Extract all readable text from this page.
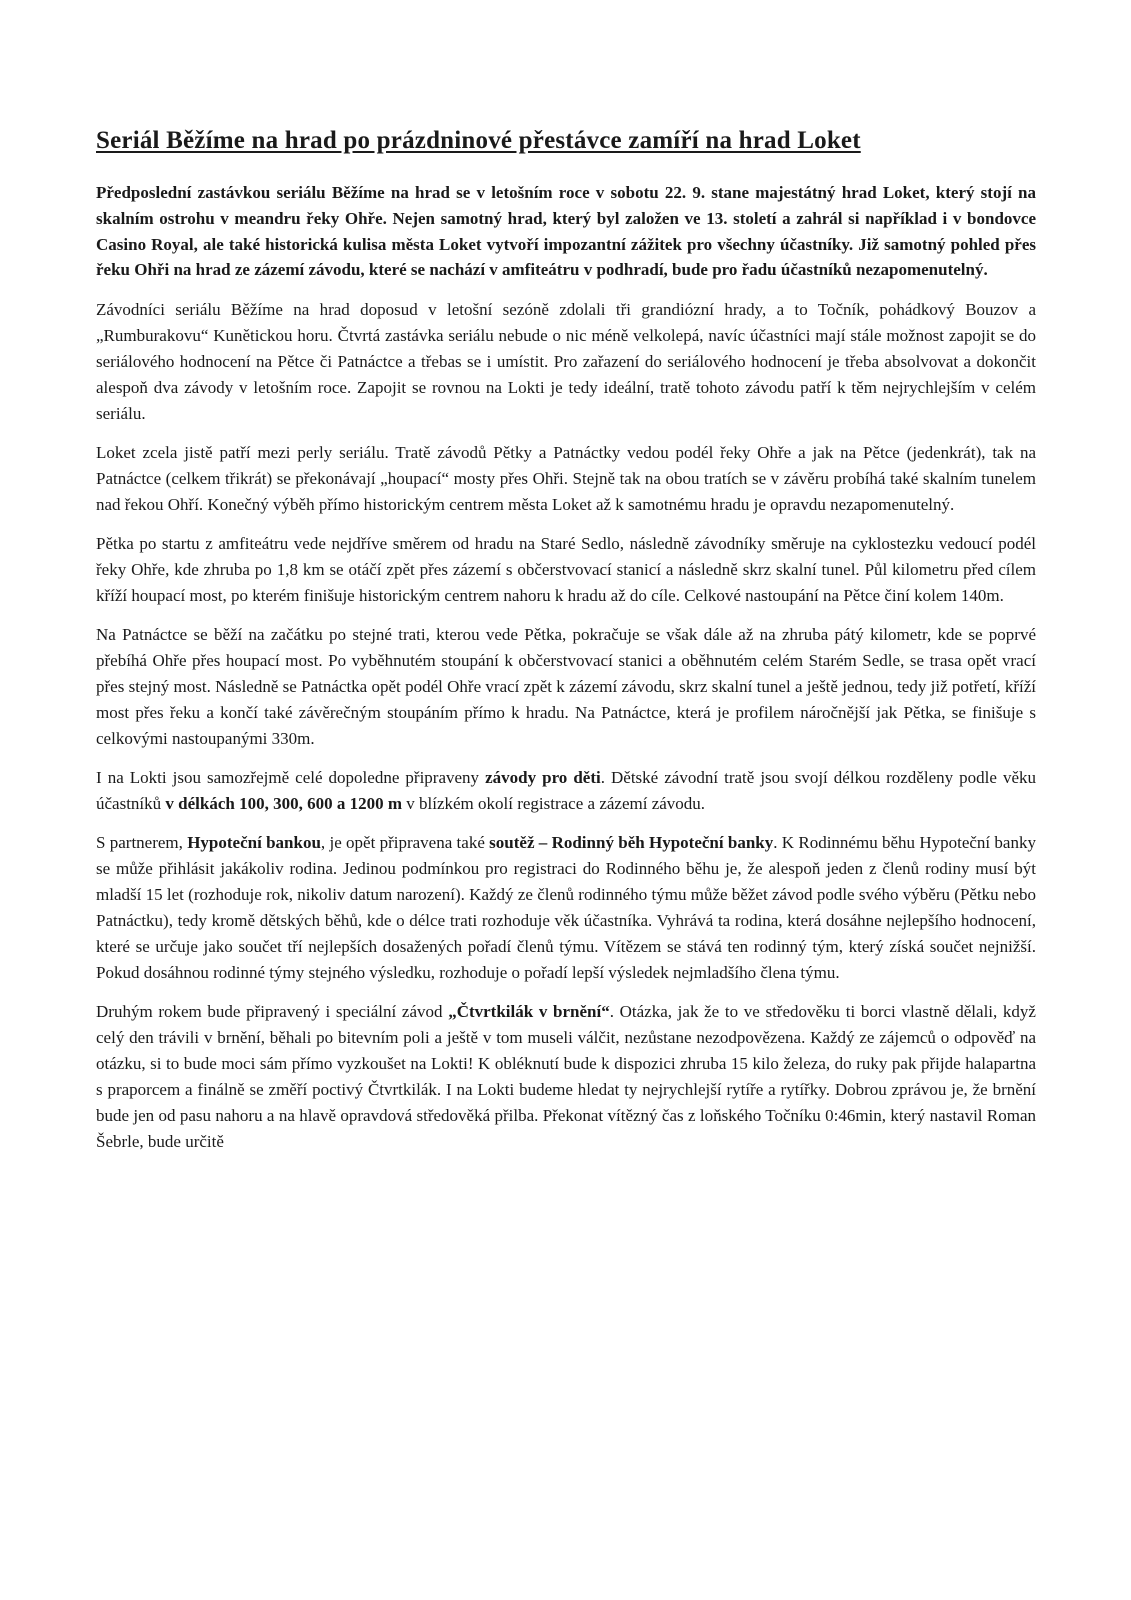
Seriál Běžíme na hrad po prázdninové přestávce zamíří na hrad Loket

Předposlední zastávkou seriálu Běžíme na hrad se v letošním roce v sobotu 22. 9. stane majestátný hrad Loket, který stojí na skalním ostrohu v meandru řeky Ohře. Nejen samotný hrad, který byl založen ve 13. století a zahrál si například i v bondovce Casino Royal, ale také historická kulisa města Loket vytvoří impozantní zážitek pro všechny účastníky. Již samotný pohled přes řeku Ohři na hrad ze zázemí závodu, které se nachází v amfiteátru v podhradí, bude pro řadu účastníků nezapomenutelný.

Závodníci seriálu Běžíme na hrad doposud v letošní sezóně zdolali tři grandiózní hrady, a to Točník, pohádkový Bouzov a „Rumburakovu“ Kunětickou horu. Čtvrtá zastávka seriálu nebude o nic méně velkolepá, navíc účastníci mají stále možnost zapojit se do seriálového hodnocení na Pětce či Patnáctce a třebas se i umístit. Pro zařazení do seriálového hodnocení je třeba absolvovat a dokončit alespoň dva závody v letošním roce. Zapojit se rovnou na Lokti je tedy ideální, tratě tohoto závodu patří k těm nejrychlejším v celém seriálu.

Loket zcela jistě patří mezi perly seriálu. Tratě závodů Pětky a Patnáctky vedou podél řeky Ohře a jak na Pětce (jedenkrát), tak na Patnáctce (celkem třikrát) se překonávají „houpací“ mosty přes Ohři. Stejně tak na obou tratích se v závěru probíhá také skalním tunelem nad řekou Ohří. Konečný výběh přímo historickým centrem města Loket až k samotnému hradu je opravdu nezapomenutelný.

Pětka po startu z amfiteátru vede nejdříve směrem od hradu na Staré Sedlo, následně závodníky směruje na cyklostezku vedoucí podél řeky Ohře, kde zhruba po 1,8 km se otáčí zpět přes zázemí s občerstvovací stanicí a následně skrz skalní tunel. Půl kilometru před cílem kříží houpací most, po kterém finišuje historickým centrem nahoru k hradu až do cíle. Celkové nastoupání na Pětce činí kolem 140m.

Na Patnáctce se běží na začátku po stejné trati, kterou vede Pětka, pokračuje se však dále až na zhruba pátý kilometr, kde se poprvé přebíhá Ohře přes houpací most. Po vyběhnutém stoupání k občerstvovací stanici a oběhnutém celém Starém Sedle, se trasa opět vrací přes stejný most. Následně se Patnáctka opět podél Ohře vrací zpět k zázemí závodu, skrz skalní tunel a ještě jednou, tedy již potřetí, kříží most přes řeku a končí také závěrečným stoupáním přímo k hradu. Na Patnáctce, která je profilem náročnější jak Pětka, se finišuje s celkovými nastoupanými 330m.

I na Lokti jsou samozřejmě celé dopoledne připraveny závody pro děti. Dětské závodní tratě jsou svojí délkou rozděleny podle věku účastníků v délkách 100, 300, 600 a 1200 m v blízkém okolí registrace a zázemí závodu.

S partnerem, Hypoteční bankou, je opět připravena také soutěž – Rodinný běh Hypoteční banky. K Rodinnému běhu Hypoteční banky se může přihlásit jakákoliv rodina. Jedinou podmínkou pro registraci do Rodinného běhu je, že alespoň jeden z členů rodiny musí být mladší 15 let (rozhoduje rok, nikoliv datum narození). Každý ze členů rodinného týmu může běžet závod podle svého výběru (Pětku nebo Patnáctku), tedy kromě dětských běhů, kde o délce trati rozhoduje věk účastníka. Vyhrává ta rodina, která dosáhne nejlepšího hodnocení, které se určuje jako součet tří nejlepších dosažených pořadí členů týmu. Vítězem se stává ten rodinný tým, který získá součet nejnižší. Pokud dosáhnou rodinné týmy stejného výsledku, rozhoduje o pořadí lepší výsledek nejmladšího člena týmu.

Druhým rokem bude připravený i speciální závod „Čtvrtkilák v brnění“. Otázka, jak že to ve středověku ti borci vlastně dělali, když celý den trávili v brnění, běhali po bitevním poli a ještě v tom museli válčit, nezůstane nezodpovězena. Každý ze zájemců o odpověď na otázku, si to bude moci sám přímo vyzkoušet na Lokti! K obléknutí bude k dispozici zhruba 15 kilo železa, do ruky pak přijde halapartna s praporcem a finálně se změří poctivý Čtvrtkilák. I na Lokti budeme hledat ty nejrychlejší rytíře a rytířky. Dobrou zprávou je, že brnění bude jen od pasu nahoru a na hlavě opravdová středověká přilba. Překonat vítězný čas z loňského Točníku 0:46min, který nastavil Roman Šebrle, bude určitě
